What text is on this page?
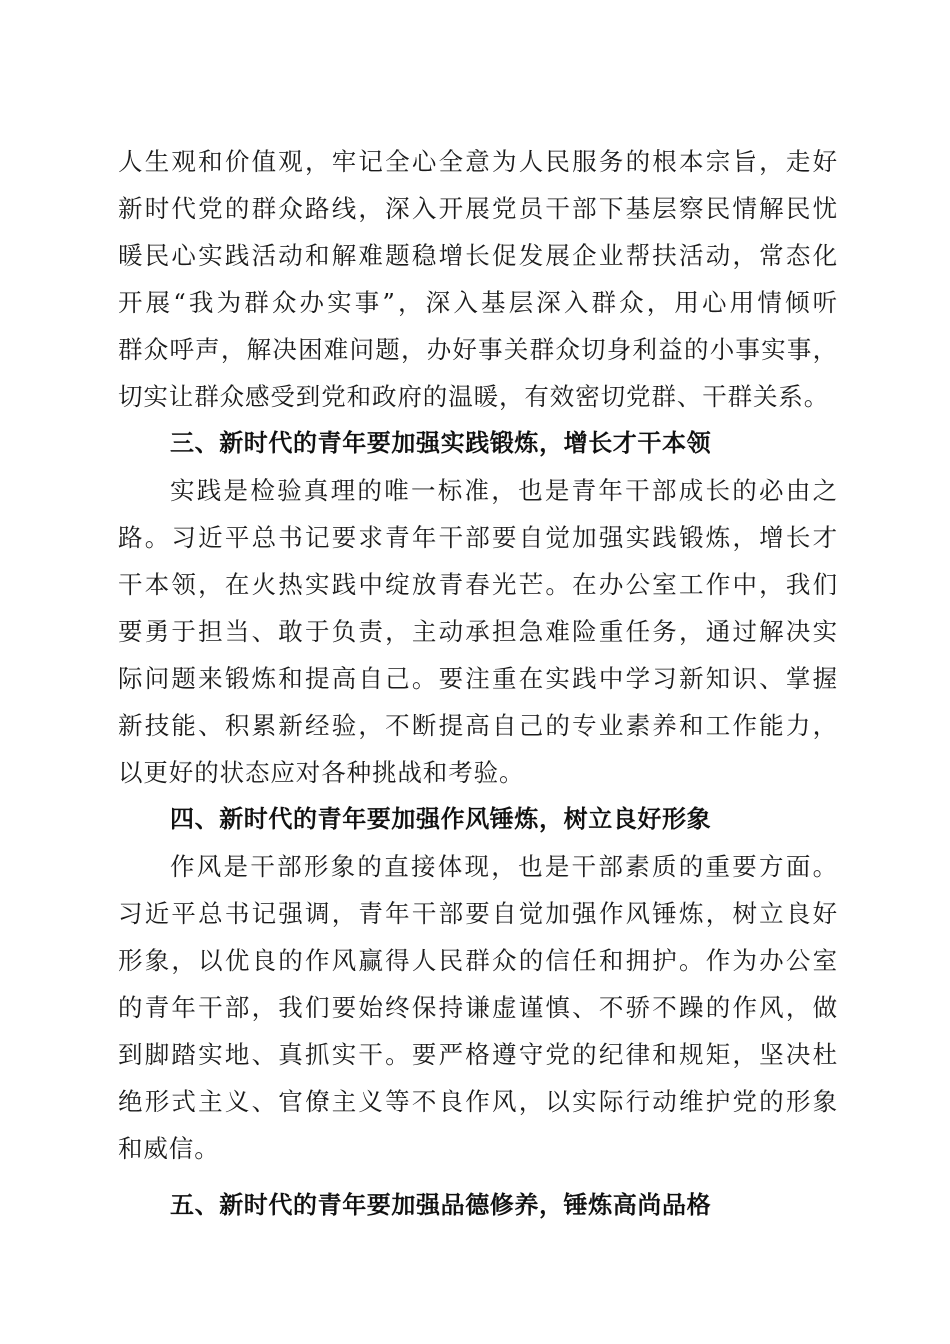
人生观和价值观，牢记全心全意为人民服务的根本宗旨，走好
新时代党的群众路线，深入开展党员干部下基层察民情解民忧
暖民心实践活动和解难题稳增长促发展企业帮扶活动，常态化
开展“我为群众办实事”，深入基层深入群众，用心用情倾听
群众呼声，解决困难问题，办好事关群众切身利益的小事实事，
切实让群众感受到党和政府的温暖，有效密切党群、干群关系。
三、新时代的青年要加强实践锻炼，增长才干本领
实践是检验真理的唯一标准，也是青年干部成长的必由之
路。习近平总书记要求青年干部要自觉加强实践锻炼，增长才
干本领，在火热实践中绽放青春光芒。在办公室工作中，我们
要勇于担当、敢于负责，主动承担急难险重任务，通过解决实
际问题来锻炼和提高自己。要注重在实践中学习新知识、掌握
新技能、积累新经验，不断提高自己的专业素养和工作能力，
以更好的状态应对各种挑战和考验。
四、新时代的青年要加强作风锤炼，树立良好形象
作风是干部形象的直接体现，也是干部素质的重要方面。
习近平总书记强调，青年干部要自觉加强作风锤炼，树立良好
形象，以优良的作风赢得人民群众的信任和拥护。作为办公室
的青年干部，我们要始终保持谦虚谨慎、不骄不躁的作风，做
到脚踏实地、真抓实干。要严格遵守党的纪律和规矩，坚决杜
绝形式主义、官僚主义等不良作风，以实际行动维护党的形象
和威信。
五、新时代的青年要加强品德修养，锤炼高尚品格
